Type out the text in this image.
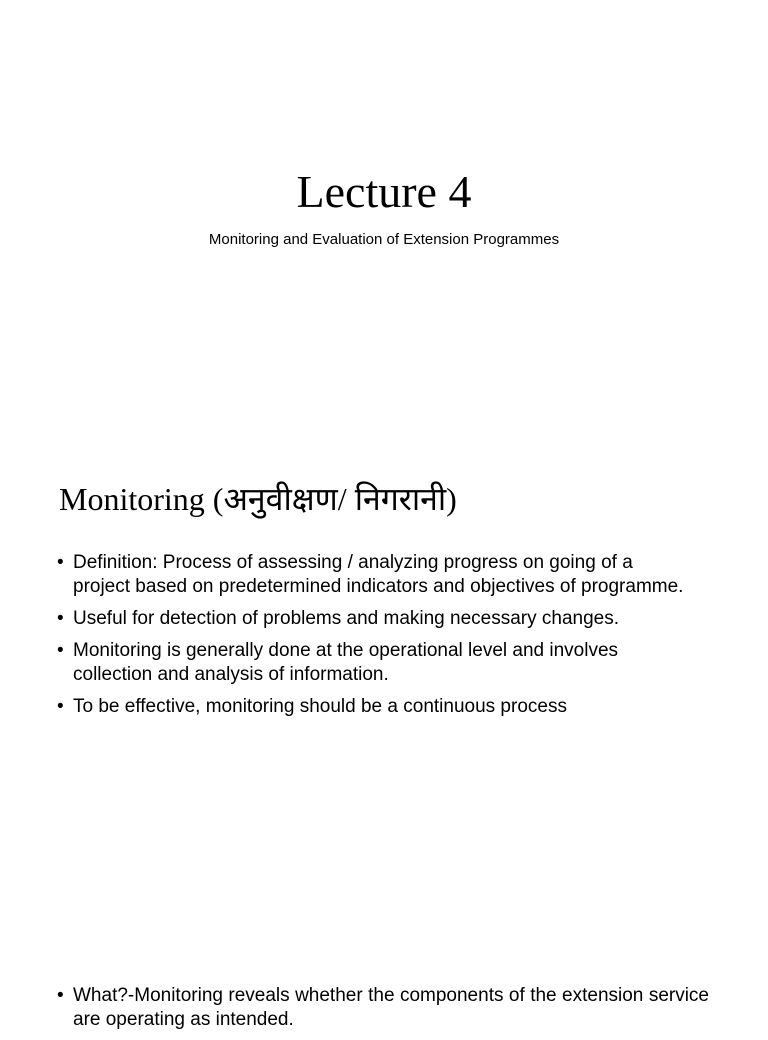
Lecture 4
Monitoring and Evaluation of Extension Programmes
Monitoring (अनुवीक्षण/ निगरानी)
• Definition: Process of assessing / analyzing progress on going of a project based on predetermined indicators and objectives of programme.
• Useful for detection of problems and making necessary changes.
• Monitoring is generally done at the operational level and involves collection and analysis of information.
• To be effective, monitoring should be a continuous process
• What?-Monitoring reveals whether the components of the extension service are operating as intended.
